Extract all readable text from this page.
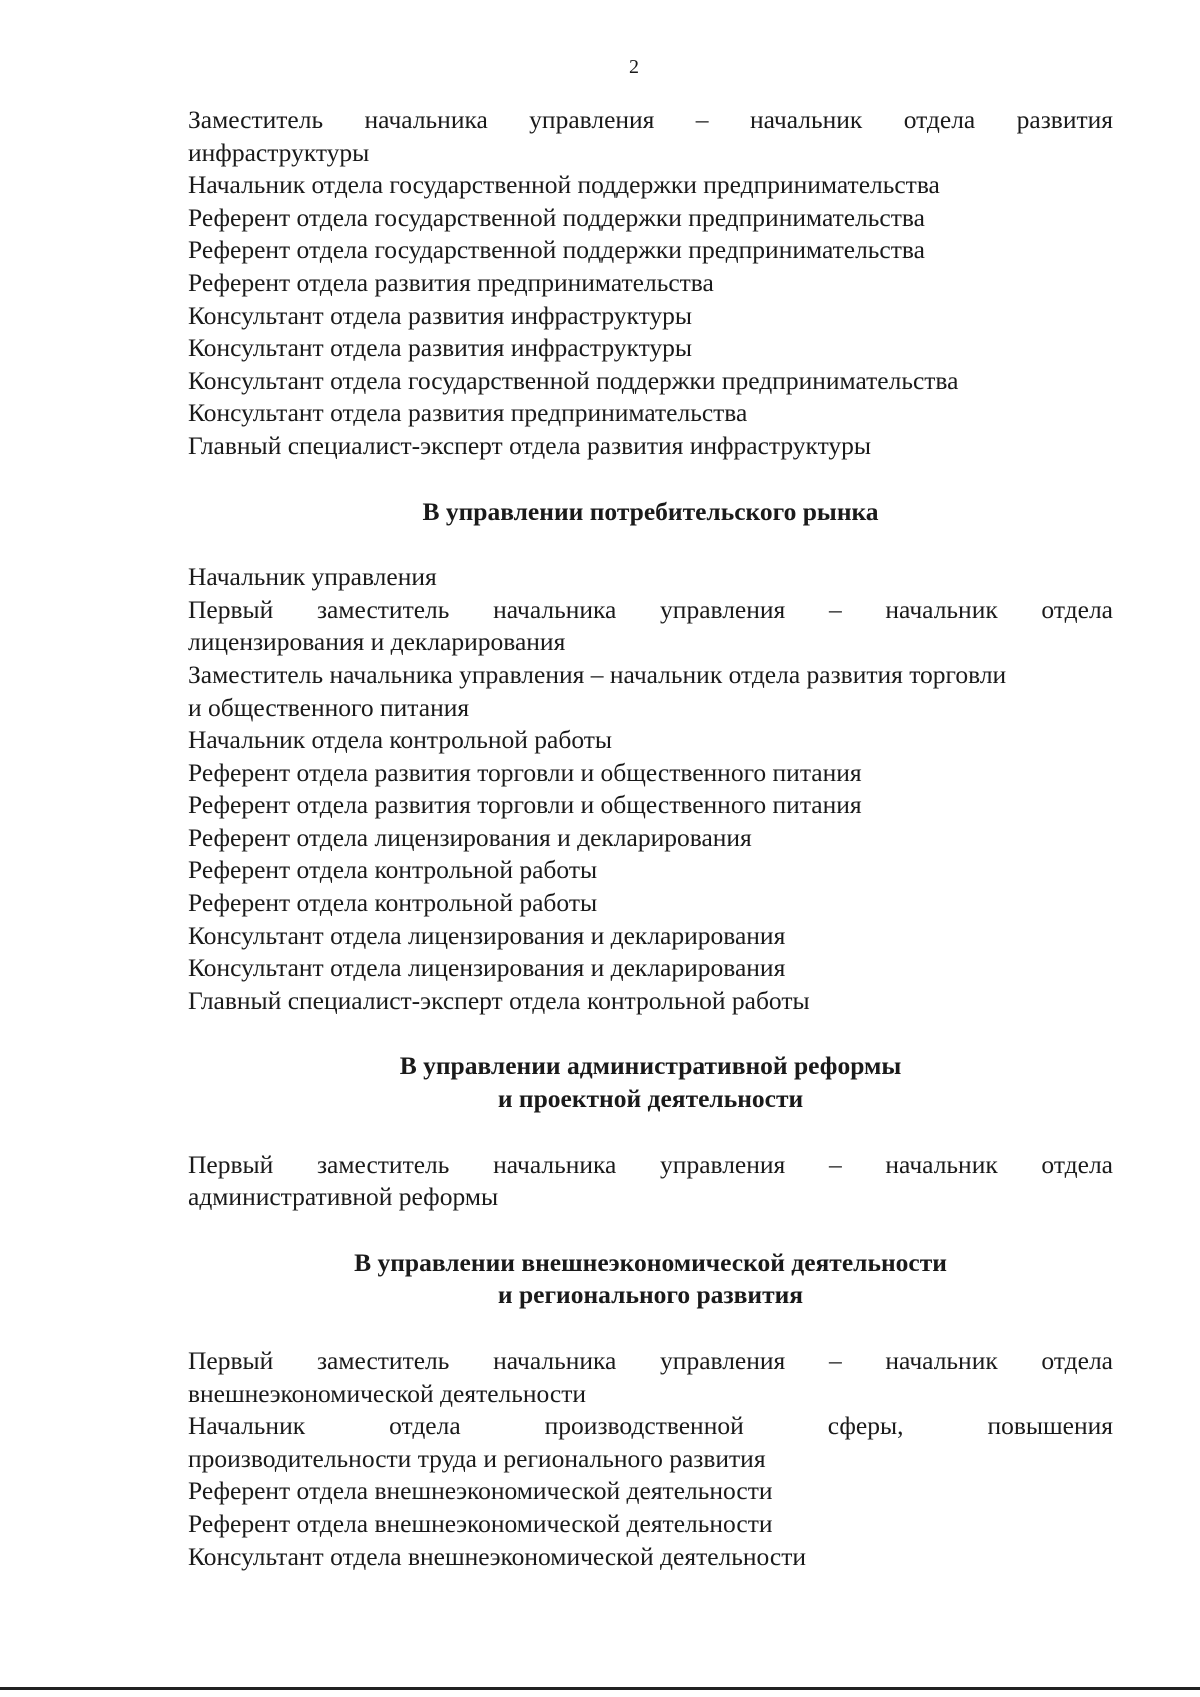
2

Заместитель начальника управления – начальник отдела развития

инфраструктуры

Начальник отдела государственной поддержки предпринимательства

Референт отдела государственной поддержки предпринимательства

Референт отдела государственной поддержки предпринимательства

Референт отдела развития предпринимательства

Консультант отдела развития инфраструктуры

Консультант отдела развития инфраструктуры

Консультант отдела государственной поддержки предпринимательства

Консультант отдела развития предпринимательства

Главный специалист-эксперт отдела развития инфраструктуры

В управлении потребительского рынка

Начальник управления

Первый заместитель начальника управления – начальник отдела

лицензирования и декларирования

Заместитель начальника управления – начальник отдела развития торговли

и общественного питания

Начальник отдела контрольной работы

Референт отдела развития торговли и общественного питания

Референт отдела развития торговли и общественного питания

Референт отдела лицензирования и декларирования

Референт отдела контрольной работы

Референт отдела контрольной работы

Консультант отдела лицензирования и декларирования

Консультант отдела лицензирования и декларирования

Главный специалист-эксперт отдела контрольной работы

В управлении административной реформы

и проектной деятельности

Первый заместитель начальника управления – начальник отдела

административной реформы

В управлении внешнеэкономической деятельности

и регионального развития

Первый заместитель начальника управления – начальник отдела

внешнеэкономической деятельности

Начальник отдела производственной сферы, повышения

производительности труда и регионального развития

Референт отдела внешнеэкономической деятельности

Референт отдела внешнеэкономической деятельности

Консультант отдела внешнеэкономической деятельности
